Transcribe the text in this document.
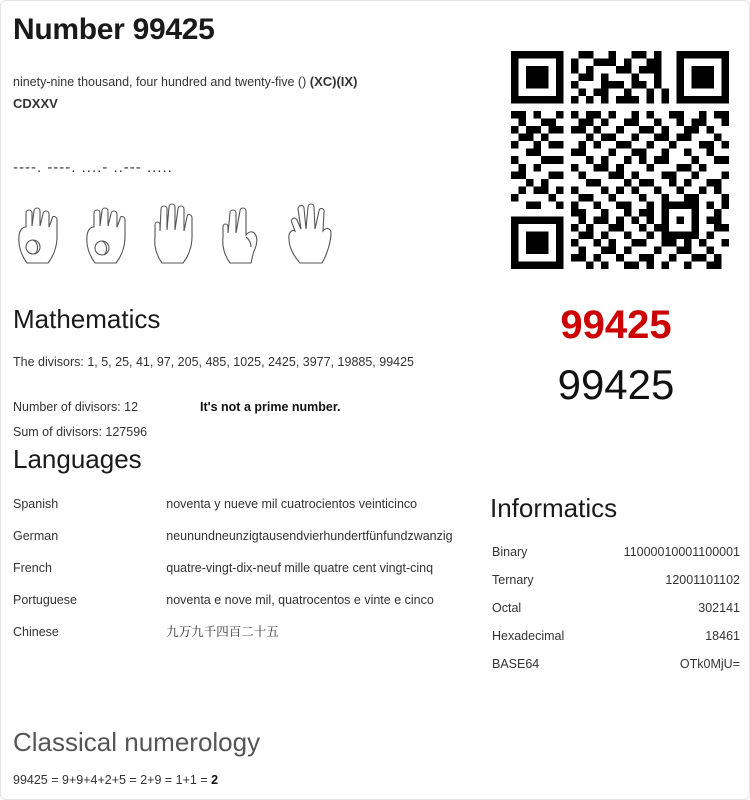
Number 99425
ninety-nine thousand, four hundred and twenty-five () (XC)(IX)
CDXXV
----. ----. ....- ..--- .....
Mathematics
The divisors: 1, 5, 25, 41, 97, 205, 485, 1025, 2425, 3977, 19885, 99425
Number of divisors: 12	It's not a prime number.
Sum of divisors: 127596
Languages
Spanish	noventa y nueve mil cuatrocientos veinticinco
German	neunundneunzigtausendvierhundertfünfundzwanzig
French	quatre-vingt-dix-neuf mille quatre cent vingt-cinq
Portuguese	noventa e nove mil, quatrocentos e vinte e cinco
Chinese	九万九千四百二十五
Informatics
Binary	11000010001100001
Ternary	12001101102
Octal	302141
Hexadecimal	18461
BASE64	OTk0MjU=
99425
99425
Classical numerology
99425 = 9+9+4+2+5 = 2+9 = 1+1 = 2
